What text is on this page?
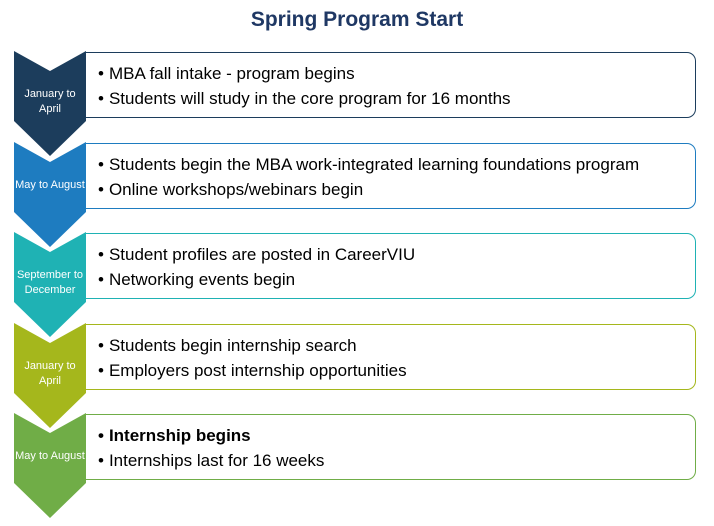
Spring Program Start
• MBA fall intake - program begins
• Students will study in the core program for 16 months
January to April
• Students begin the MBA work-integrated learning foundations program
• Online workshops/webinars begin
May to August
• Student profiles are posted in CareerVIU
• Networking events begin
September to December
• Students begin internship search
• Employers post internship opportunities
January to April
• Internship begins
• Internships last for 16 weeks
May to August
